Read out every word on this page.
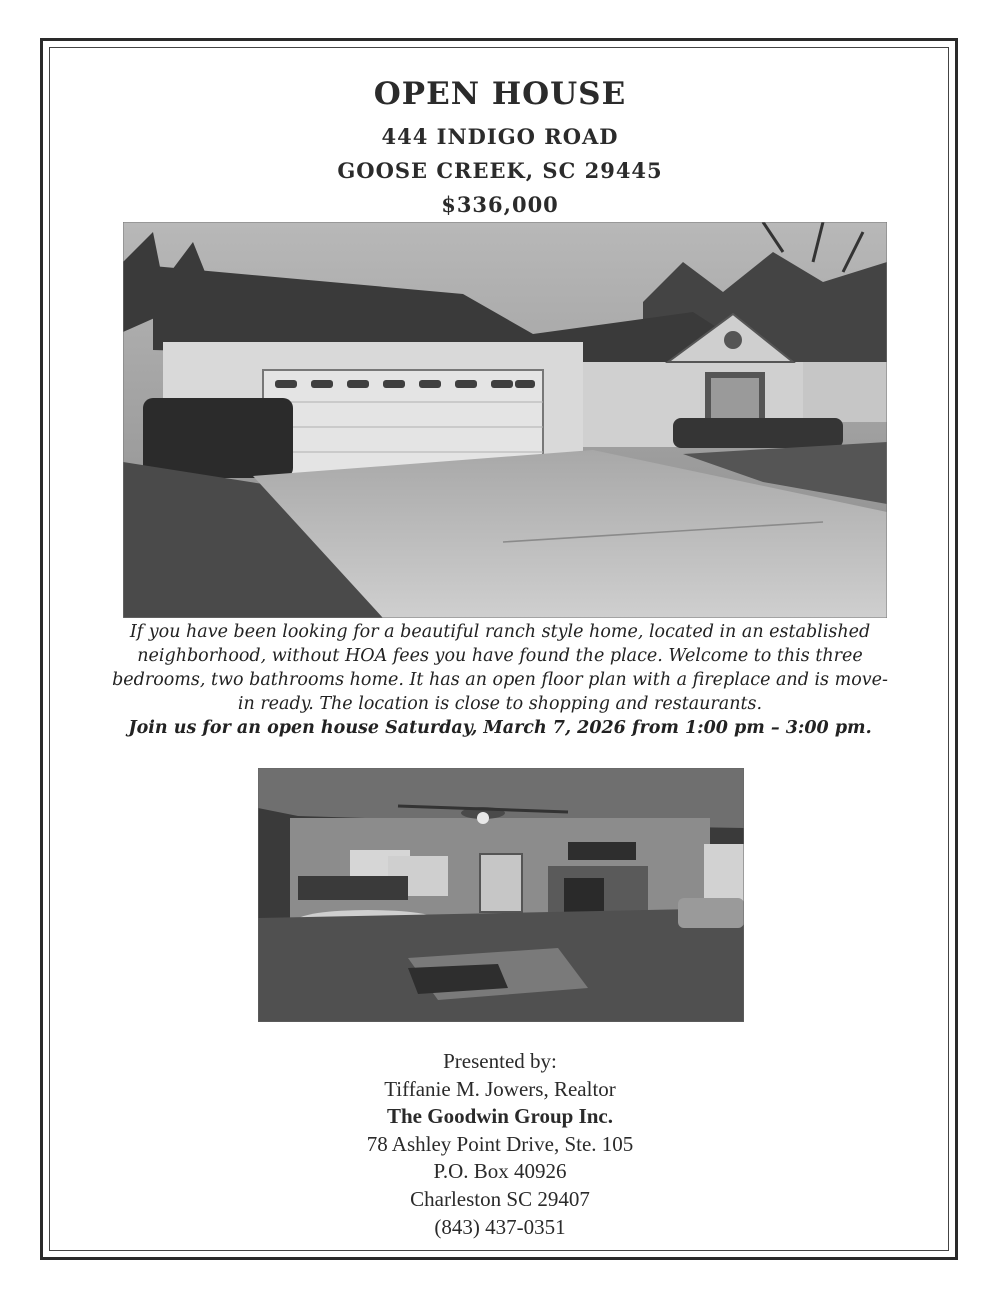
OPEN HOUSE
444 INDIGO ROAD
GOOSE CREEK, SC 29445
$336,000
If you have been looking for a beautiful ranch style home, located in an established neighborhood, without HOA fees you have found the place. Welcome to this three bedrooms, two bathrooms home. It has an open floor plan with a fireplace and is move-in ready. The location is close to shopping and restaurants.
Join us for an open house Saturday, March 7, 2026 from 1:00 pm – 3:00 pm.
Presented by:
Tiffanie M. Jowers, Realtor
The Goodwin Group Inc.
78 Ashley Point Drive, Ste. 105
P.O. Box 40926
Charleston SC 29407
(843) 437-0351
